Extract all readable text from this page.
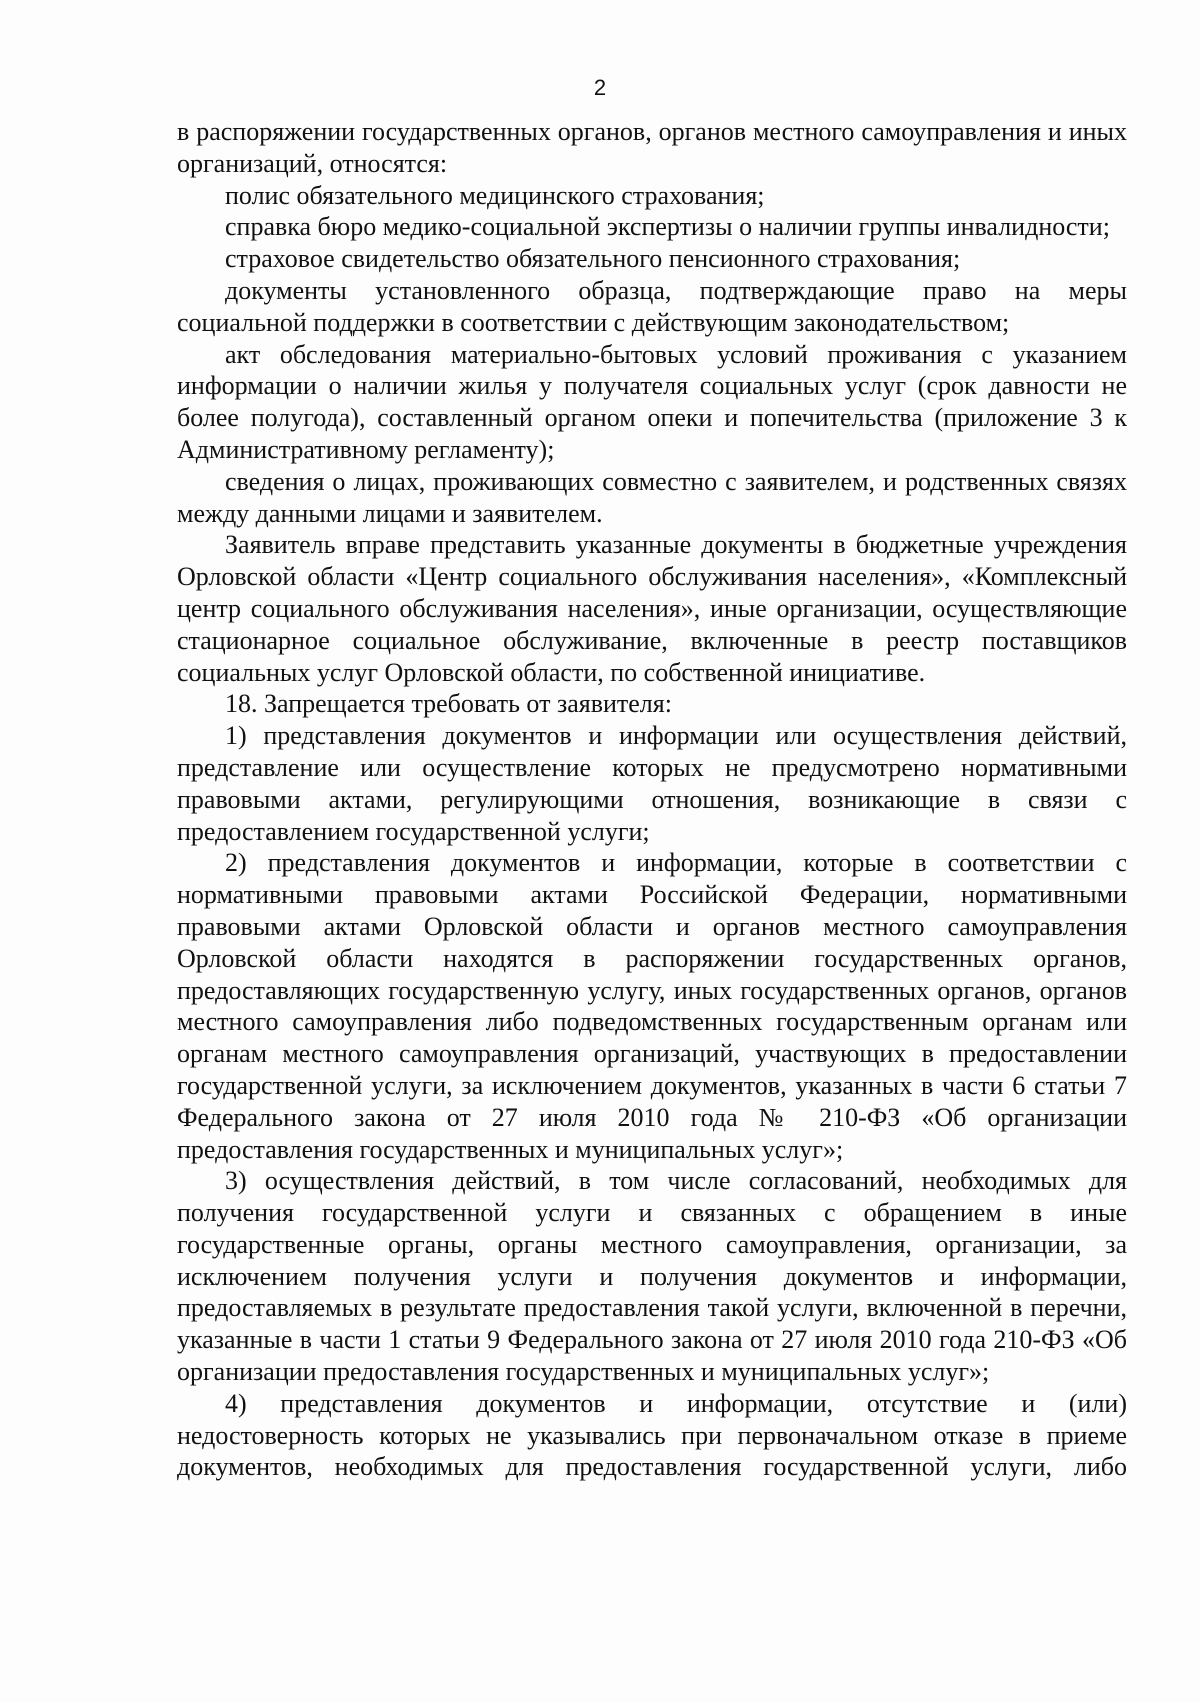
2

в распоряжении государственных органов, органов местного самоуправления и иных организаций, относятся:

полис обязательного медицинского страхования;

справка бюро медико-социальной экспертизы о наличии группы инвалидности;

страховое свидетельство обязательного пенсионного страхования;

документы установленного образца, подтверждающие право на меры социальной поддержки в соответствии с действующим законодательством;

акт обследования материально-бытовых условий проживания с указанием информации о наличии жилья у получателя социальных услуг (срок давности не более полугода), составленный органом опеки и попечительства (приложение 3 к Административному регламенту);

сведения о лицах, проживающих совместно с заявителем, и родственных связях между данными лицами и заявителем.

Заявитель вправе представить указанные документы в бюджетные учреждения Орловской области «Центр социального обслуживания населения», «Комплексный центр социального обслуживания населения», иные организации, осуществляющие стационарное социальное обслуживание, включенные в реестр поставщиков социальных услуг Орловской области, по собственной инициативе.

18. Запрещается требовать от заявителя:

1) представления документов и информации или осуществления действий, представление или осуществление которых не предусмотрено нормативными правовыми актами, регулирующими отношения, возникающие в связи с предоставлением государственной услуги;

2) представления документов и информации, которые в соответствии с нормативными правовыми актами Российской Федерации, нормативными правовыми актами Орловской области и органов местного самоуправления Орловской области находятся в распоряжении государственных органов, предоставляющих государственную услугу, иных государственных органов, органов местного самоуправления либо подведомственных государственным органам или органам местного самоуправления организаций, участвующих в предоставлении государственной услуги, за исключением документов, указанных в части 6 статьи 7 Федерального закона от 27 июля 2010 года № 210-ФЗ «Об организации предоставления государственных и муниципальных услуг»;

3) осуществления действий, в том числе согласований, необходимых для получения государственной услуги и связанных с обращением в иные государственные органы, органы местного самоуправления, организации, за исключением получения услуги и получения документов и информации, предоставляемых в результате предоставления такой услуги, включенной в перечни, указанные в части 1 статьи 9 Федерального закона от 27 июля 2010 года 210-ФЗ «Об организации предоставления государственных и муниципальных услуг»;

4) представления документов и информации, отсутствие и (или) недостоверность которых не указывались при первоначальном отказе в приеме документов, необходимых для предоставления государственной услуги, либо
